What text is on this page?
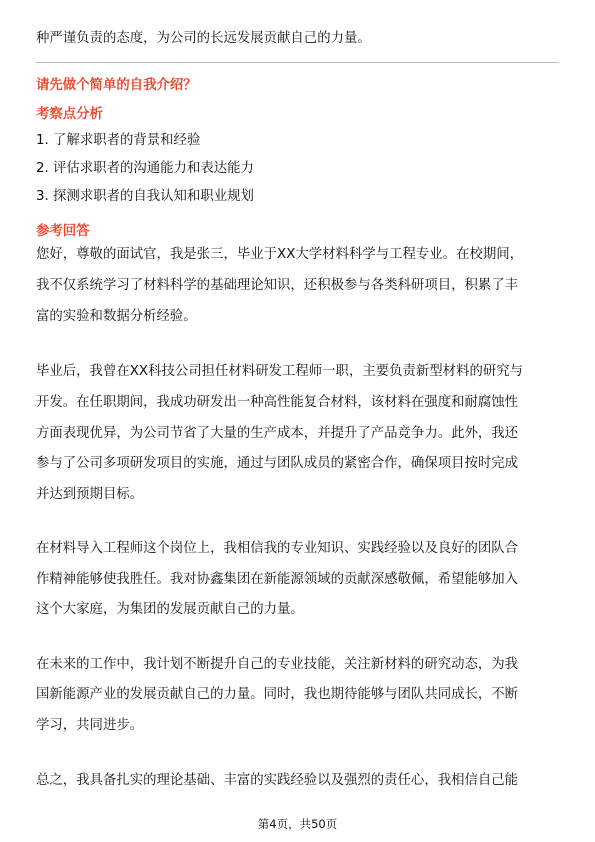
种严谨负责的态度，为公司的长远发展贡献自己的力量。
请先做个简单的自我介绍？
考察点分析
1. 了解求职者的背景和经验
2. 评估求职者的沟通能力和表达能力
3. 探测求职者的自我认知和职业规划
参考回答
您好，尊敬的面试官，我是张三，毕业于XX大学材料科学与工程专业。在校期间，
我不仅系统学习了材料科学的基础理论知识，还积极参与各类科研项目，积累了丰
富的实验和数据分析经验。
毕业后，我曾在XX科技公司担任材料研发工程师一职，主要负责新型材料的研究与
开发。在任职期间，我成功研发出一种高性能复合材料，该材料在强度和耐腐蚀性
方面表现优异，为公司节省了大量的生产成本，并提升了产品竞争力。此外，我还
参与了公司多项研发项目的实施，通过与团队成员的紧密合作，确保项目按时完成
并达到预期目标。
在材料导入工程师这个岗位上，我相信我的专业知识、实践经验以及良好的团队合
作精神能够使我胜任。我对协鑫集团在新能源领域的贡献深感敬佩，希望能够加入
这个大家庭，为集团的发展贡献自己的力量。
在未来的工作中，我计划不断提升自己的专业技能，关注新材料的研究动态，为我
国新能源产业的发展贡献自己的力量。同时，我也期待能够与团队共同成长，不断
学习，共同进步。
总之，我具备扎实的理论基础、丰富的实践经验以及强烈的责任心，我相信自己能
第4页，共50页
